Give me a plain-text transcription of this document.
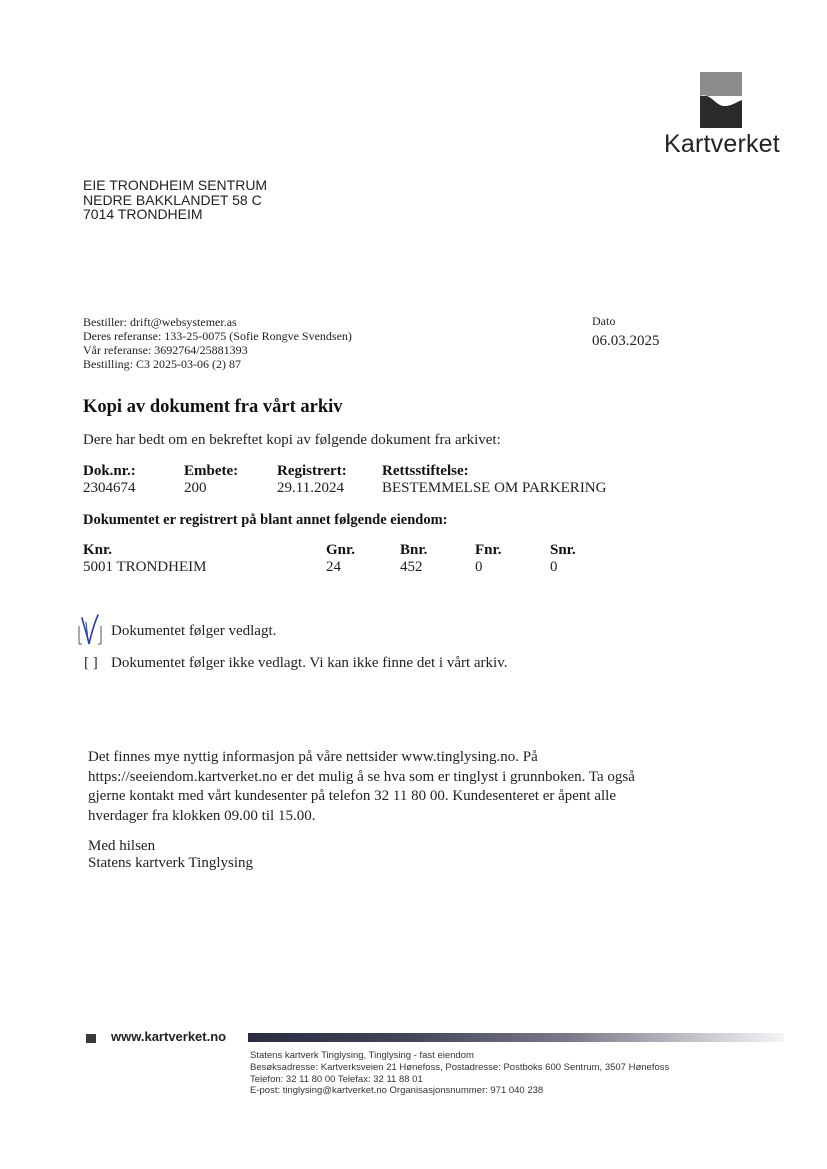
Kartverket
EIE TRONDHEIM SENTRUM
NEDRE BAKKLANDET 58 C
7014 TRONDHEIM
Bestiller: drift@websystemer.as
Deres referanse: 133-25-0075 (Sofie Rongve Svendsen)
Vår referanse: 3692764/25881393
Bestilling: C3 2025-03-06 (2) 87
Dato
06.03.2025
Kopi av dokument fra vårt arkiv
Dere har bedt om en bekreftet kopi av følgende dokument fra arkivet:
Dok.nr.:
2304674
Embete:
200
Registrert:
29.11.2024
Rettsstiftelse:
BESTEMMELSE OM PARKERING
Dokumentet er registrert på blant annet følgende eiendom:
Knr.
5001 TRONDHEIM
Gnr.
24
Bnr.
452
Fnr.
0
Snr.
0
Dokumentet følger vedlagt.
[ ] Dokumentet følger ikke vedlagt. Vi kan ikke finne det i vårt arkiv.
Det finnes mye nyttig informasjon på våre nettsider www.tinglysing.no. På
https://seeiendom.kartverket.no er det mulig å se hva som er tinglyst i grunnboken. Ta også
gjerne kontakt med vårt kundesenter på telefon 32 11 80 00. Kundesenteret er åpent alle
hverdager fra klokken 09.00 til 15.00.
Med hilsen
Statens kartverk Tinglysing
www.kartverket.no
Statens kartverk Tinglysing, Tinglysing - fast eiendom
Besøksadresse: Kartverksveien 21 Hønefoss, Postadresse: Postboks 600 Sentrum, 3507 Hønefoss
Telefon: 32 11 80 00 Telefax: 32 11 88 01
E-post: tinglysing@kartverket.no Organisasjonsnummer: 971 040 238
